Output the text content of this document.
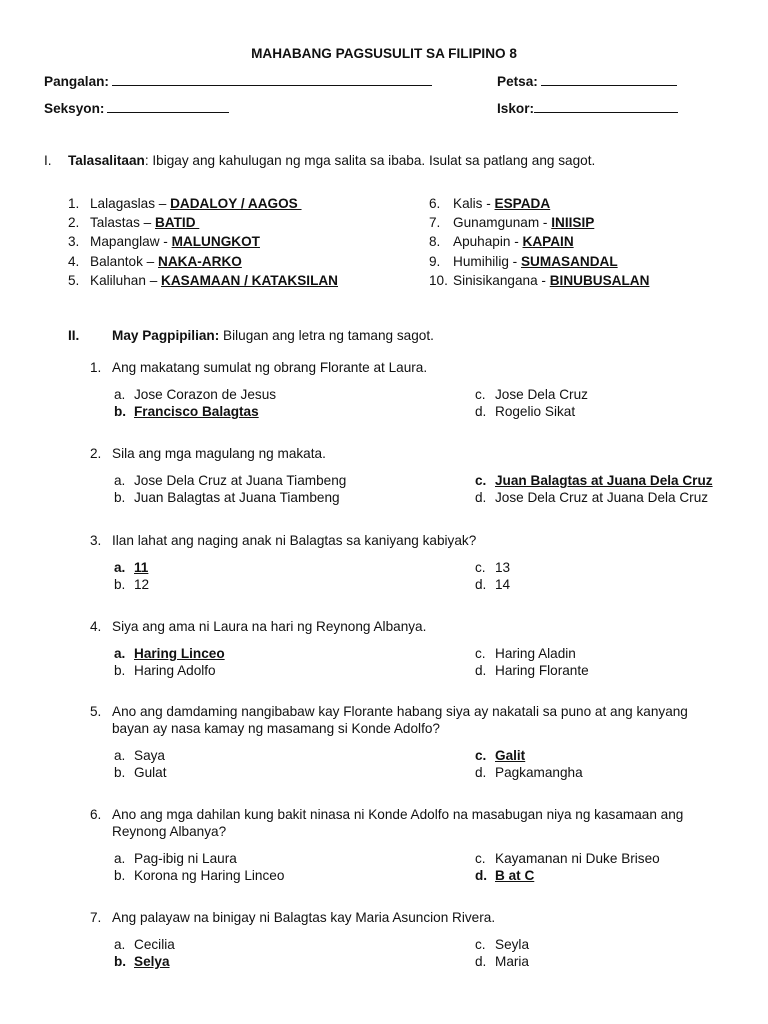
MAHABANG PAGSUSULIT SA FILIPINO 8
Pangalan:	Petsa:
Seksyon:	Iskor:
I. Talasalitaan: Ibigay ang kahulugan ng mga salita sa ibaba. Isulat sa patlang ang sagot.
1. Lalagaslas – DADALOY / AAGOS
2. Talastas – BATID
3. Mapanglaw - MALUNGKOT
4. Balantok – NAKA-ARKO
5. Kaliluhan – KASAMAAN / KATAKSILAN
6. Kalis - ESPADA
7. Gunamgunam - INIISIP
8. Apuhapin - KAPAIN
9. Humihilig - SUMASANDAL
10. Sinisikangana - BINUBUSALAN
II. May Pagpipilian: Bilugan ang letra ng tamang sagot.
1. Ang makatang sumulat ng obrang Florante at Laura.
a. Jose Corazon de Jesus
b. Francisco Balagtas
c. Jose Dela Cruz
d. Rogelio Sikat
2. Sila ang mga magulang ng makata.
a. Jose Dela Cruz at Juana Tiambeng
b. Juan Balagtas at Juana Tiambeng
c. Juan Balagtas at Juana Dela Cruz
d. Jose Dela Cruz at Juana Dela Cruz
3. Ilan lahat ang naging anak ni Balagtas sa kaniyang kabiyak?
a. 11
b. 12
c. 13
d. 14
4. Siya ang ama ni Laura na hari ng Reynong Albanya.
a. Haring Linceo
b. Haring Adolfo
c. Haring Aladin
d. Haring Florante
5. Ano ang damdaming nangibabaw kay Florante habang siya ay nakatali sa puno at ang kanyang
bayan ay nasa kamay ng masamang si Konde Adolfo?
a. Saya
b. Gulat
c. Galit
d. Pagkamangha
6. Ano ang mga dahilan kung bakit ninasa ni Konde Adolfo na masabugan niya ng kasamaan ang
Reynong Albanya?
a. Pag-ibig ni Laura
b. Korona ng Haring Linceo
c. Kayamanan ni Duke Briseo
d. B at C
7. Ang palayaw na binigay ni Balagtas kay Maria Asuncion Rivera.
a. Cecilia
b. Selya
c. Seyla
d. Maria
